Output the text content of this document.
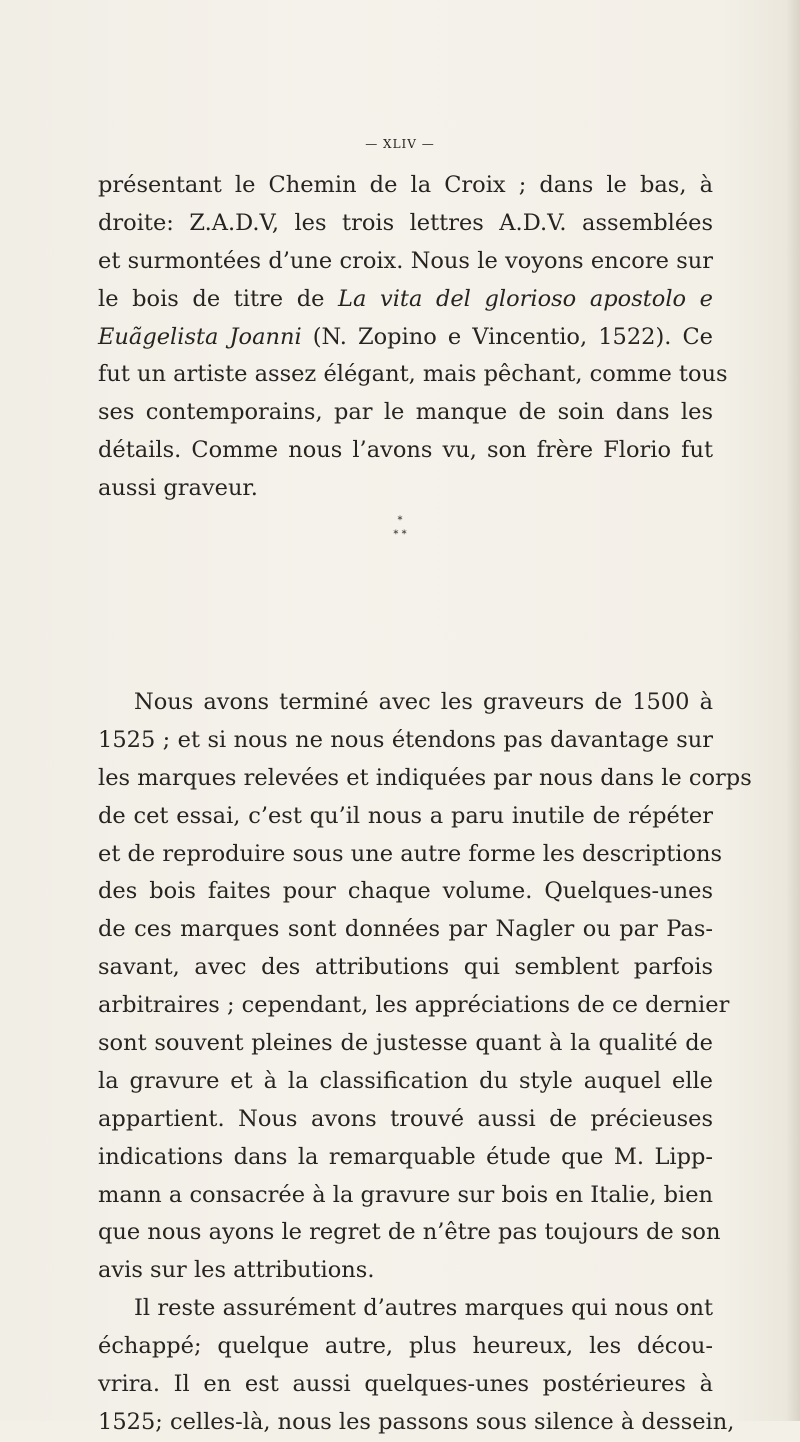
— XLIV —
présentant le Chemin de la Croix ; dans le bas, à
droite: Z.A.D.V, les trois lettres A.D.V. assemblées
et surmontées d’une croix. Nous le voyons encore sur
le bois de titre de La vita del glorioso apostolo e
Euãgelista Joanni (N. Zopino e Vincentio, 1522). Ce
fut un artiste assez élégant, mais pêchant, comme tous
ses contemporains, par le manque de soin dans les
détails. Comme nous l’avons vu, son frère Florio fut
aussi graveur.
*
* *
Nous avons terminé avec les graveurs de 1500 à
1525 ; et si nous ne nous étendons pas davantage sur
les marques relevées et indiquées par nous dans le corps
de cet essai, c’est qu’il nous a paru inutile de répéter
et de reproduire sous une autre forme les descriptions
des bois faites pour chaque volume. Quelques-unes
de ces marques sont données par Nagler ou par Pas-
savant, avec des attributions qui semblent parfois
arbitraires ; cependant, les appréciations de ce dernier
sont souvent pleines de justesse quant à la qualité de
la gravure et à la classification du style auquel elle
appartient. Nous avons trouvé aussi de précieuses
indications dans la remarquable étude que M. Lipp-
mann a consacrée à la gravure sur bois en Italie, bien
que nous ayons le regret de n’être pas toujours de son
avis sur les attributions.
Il reste assurément d’autres marques qui nous ont
échappé; quelque autre, plus heureux, les décou-
vrira. Il en est aussi quelques-unes postérieures à
1525; celles-là, nous les passons sous silence à dessein,
